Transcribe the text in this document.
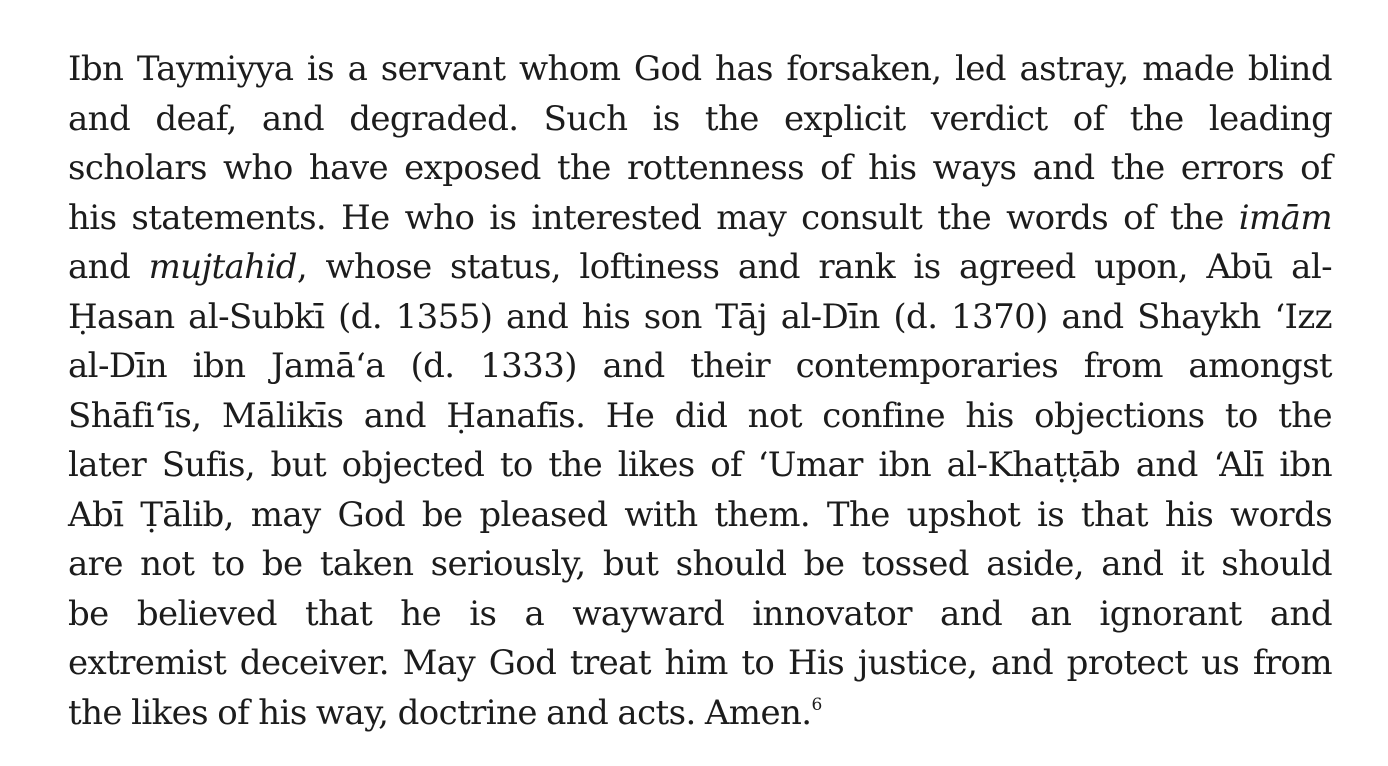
Ibn Taymiyya is a servant whom God has forsaken, led astray, made blind
and deaf, and degraded. Such is the explicit verdict of the leading
scholars who have exposed the rottenness of his ways and the errors of
his statements. He who is interested may consult the words of the imām
and mujtahid, whose status, loftiness and rank is agreed upon, Abū al-
Ḥasan al-Subkī (d. 1355) and his son Tāj al-Dīn (d. 1370) and Shaykh ‘Izz
al-Dīn ibn Jamā‘a (d. 1333) and their contemporaries from amongst
Shāfi‘īs, Mālikīs and Ḥanafīs. He did not confine his objections to the
later Sufis, but objected to the likes of ‘Umar ibn al-Khaṭṭāb and ‘Alī ibn
Abī Ṭālib, may God be pleased with them. The upshot is that his words
are not to be taken seriously, but should be tossed aside, and it should
be believed that he is a wayward innovator and an ignorant and
extremist deceiver. May God treat him to His justice, and protect us from
the likes of his way, doctrine and acts. Amen.$^6$
